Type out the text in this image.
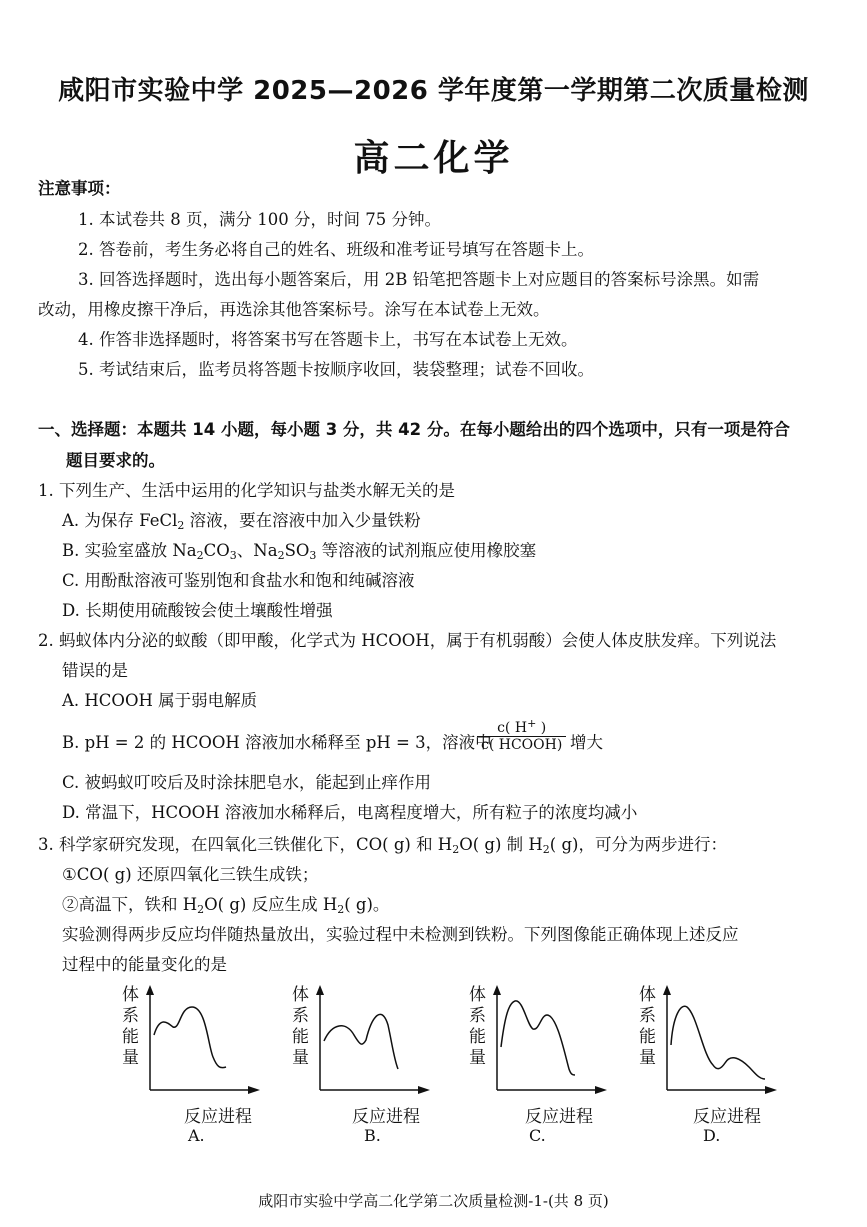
咸阳市实验中学 2025—2026 学年度第一学期第二次质量检测
高二化学
注意事项：
1. 本试卷共 8 页，满分 100 分，时间 75 分钟。
2. 答卷前，考生务必将自己的姓名、班级和准考证号填写在答题卡上。
3. 回答选择题时，选出每小题答案后，用 2B 铅笔把答题卡上对应题目的答案标号涂黑。如需
改动，用橡皮擦干净后，再选涂其他答案标号。涂写在本试卷上无效。
4. 作答非选择题时，将答案书写在答题卡上，书写在本试卷上无效。
5. 考试结束后，监考员将答题卡按顺序收回，装袋整理；试卷不回收。
一、选择题：本题共 14 小题，每小题 3 分，共 42 分。在每小题给出的四个选项中，只有一项是符合
题目要求的。
1. 下列生产、生活中运用的化学知识与盐类水解无关的是
A. 为保存 FeCl$_2$ 溶液，要在溶液中加入少量铁粉
B. 实验室盛放 $Na_2CO_3$、$Na_2SO_3$ 等溶液的试剂瓶应使用橡胶塞
C. 用酚酞溶液可鉴别饱和食盐水和饱和纯碱溶液
D. 长期使用硫酸铵会使土壤酸性增强
2. 蚂蚁体内分泌的蚁酸（即甲酸，化学式为 HCOOH，属于有机弱酸）会使人体皮肤发痒。下列说法
错误的是
A. HCOOH 属于弱电解质
B. pH = 2 的 HCOOH 溶液加水稀释至 pH = 3，溶液中
c( H+ )
c( HCOOH) 增大
C. 被蚂蚁叮咬后及时涂抹肥皂水，能起到止痒作用
D. 常温下，HCOOH 溶液加水稀释后，电离程度增大，所有粒子的浓度均减小
3. 科学家研究发现，在四氧化三铁催化下，CO( g) 和 $H_2O$( g) 制 $H_2$( g)，可分为两步进行：
①CO( g) 还原四氧化三铁生成铁；
②高温下，铁和 $H_2O$( g) 反应生成 $H_2$( g)。
实验测得两步反应均伴随热量放出，实验过程中未检测到铁粉。下列图像能正确体现上述反应
过程中的能量变化的是
体系能量
反应进程
A.
体系能量
反应进程
B.
体系能量
反应进程
C.
体系能量
反应进程
D.
咸阳市实验中学高二化学第二次质量检测-1-(共 8 页)
